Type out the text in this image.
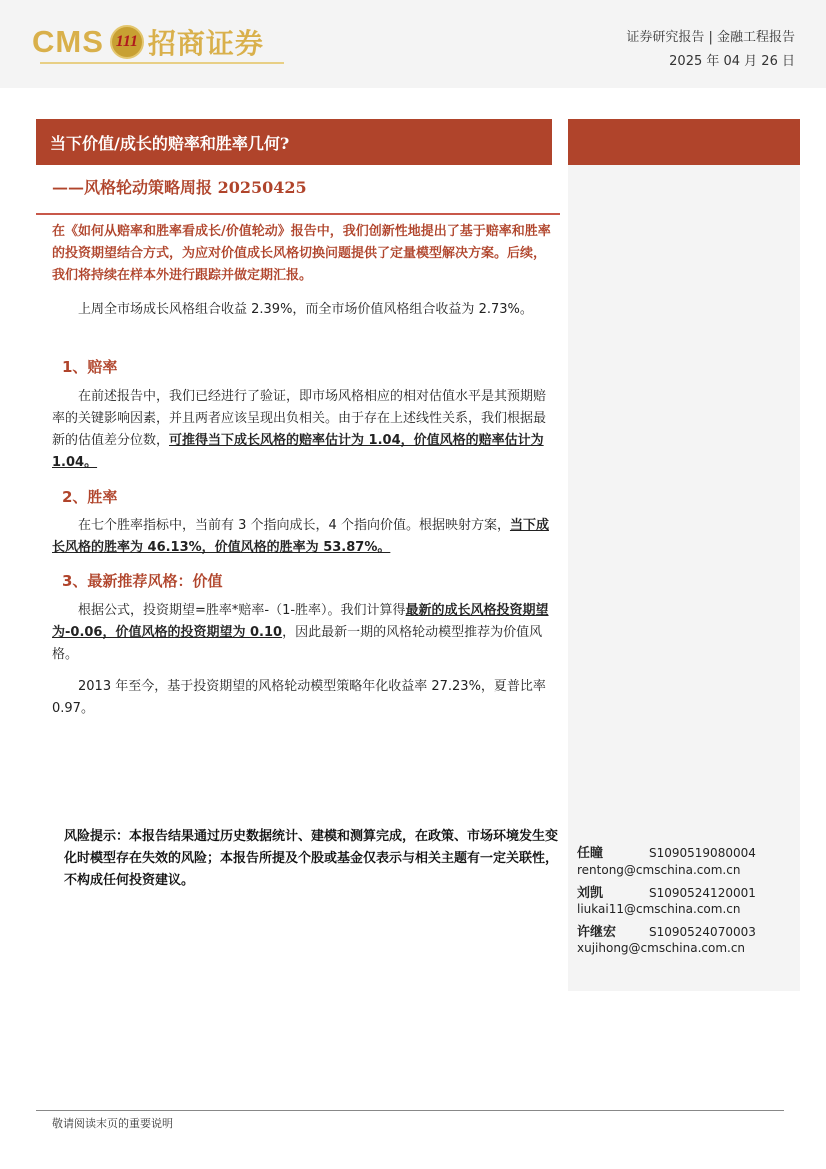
CMS 111 招商证券	证券研究报告 | 金融工程报告
2025 年 04 月 26 日
当下价值/成长的赔率和胜率几何?
——风格轮动策略周报 20250425
在《如何从赔率和胜率看成长/价值轮动》报告中，我们创新性地提出了基于赔率和胜率的投资期望结合方式，为应对价值成长风格切换问题提供了定量模型解决方案。后续，我们将持续在样本外进行跟踪并做定期汇报。
上周全市场成长风格组合收益 2.39%，而全市场价值风格组合收益为 2.73%。
1、赔率
在前述报告中，我们已经进行了验证，即市场风格相应的相对估值水平是其预期赔率的关键影响因素，并且两者应该呈现出负相关。由于存在上述线性关系，我们根据最新的估值差分位数，可推得当下成长风格的赔率估计为 1.04，价值风格的赔率估计为 1.04。
2、胜率
在七个胜率指标中，当前有 3 个指向成长，4 个指向价值。根据映射方案，当下成长风格的胜率为 46.13%，价值风格的胜率为 53.87%。
3、最新推荐风格：价值
根据公式，投资期望=胜率*赔率-（1-胜率）。我们计算得最新的成长风格投资期望为-0.06，价值风格的投资期望为 0.10，因此最新一期的风格轮动模型推荐为价值风格。
2013 年至今，基于投资期望的风格轮动模型策略年化收益率 27.23%，夏普比率 0.97。
风险提示：本报告结果通过历史数据统计、建模和测算完成，在政策、市场环境发生变化时模型存在失效的风险；本报告所提及个股或基金仅表示与相关主题有一定关联性，不构成任何投资建议。
任瞳	S1090519080004
rentong@cmschina.com.cn
刘凯	S1090524120001
liukai11@cmschina.com.cn
许继宏	S1090524070003
xujihong@cmschina.com.cn
敬请阅读末页的重要说明
